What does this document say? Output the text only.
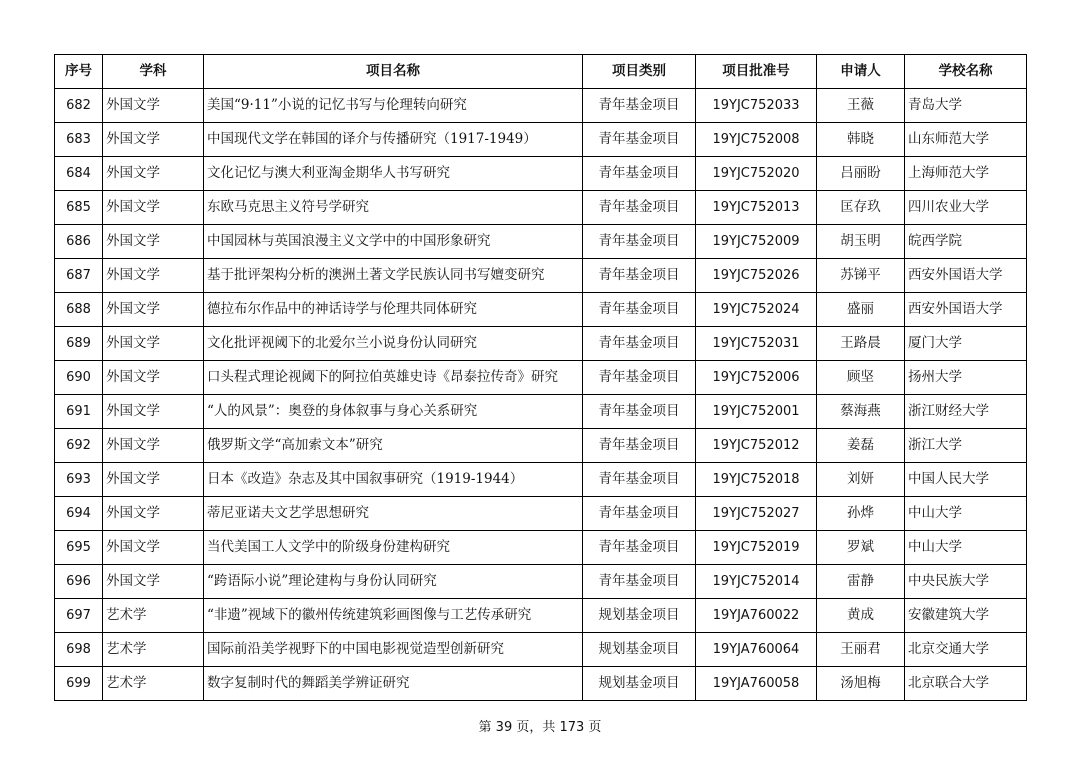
序号	学科	项目名称	项目类别	项目批准号	申请人	学校名称
682	外国文学	美国“9·11”小说的记忆书写与伦理转向研究	青年基金项目	19YJC752033	王薇	青岛大学
683	外国文学	中国现代文学在韩国的译介与传播研究（1917-1949）	青年基金项目	19YJC752008	韩晓	山东师范大学
684	外国文学	文化记忆与澳大利亚淘金期华人书写研究	青年基金项目	19YJC752020	吕丽盼	上海师范大学
685	外国文学	东欧马克思主义符号学研究	青年基金项目	19YJC752013	匡存玖	四川农业大学
686	外国文学	中国园林与英国浪漫主义文学中的中国形象研究	青年基金项目	19YJC752009	胡玉明	皖西学院
687	外国文学	基于批评架构分析的澳洲土著文学民族认同书写嬗变研究	青年基金项目	19YJC752026	苏锑平	西安外国语大学
688	外国文学	德拉布尔作品中的神话诗学与伦理共同体研究	青年基金项目	19YJC752024	盛丽	西安外国语大学
689	外国文学	文化批评视阈下的北爱尔兰小说身份认同研究	青年基金项目	19YJC752031	王路晨	厦门大学
690	外国文学	口头程式理论视阈下的阿拉伯英雄史诗《昂泰拉传奇》研究	青年基金项目	19YJC752006	顾坚	扬州大学
691	外国文学	“人的风景”：奥登的身体叙事与身心关系研究	青年基金项目	19YJC752001	蔡海燕	浙江财经大学
692	外国文学	俄罗斯文学“高加索文本”研究	青年基金项目	19YJC752012	姜磊	浙江大学
693	外国文学	日本《改造》杂志及其中国叙事研究（1919-1944）	青年基金项目	19YJC752018	刘妍	中国人民大学
694	外国文学	蒂尼亚诺夫文艺学思想研究	青年基金项目	19YJC752027	孙烨	中山大学
695	外国文学	当代美国工人文学中的阶级身份建构研究	青年基金项目	19YJC752019	罗斌	中山大学
696	外国文学	“跨语际小说”理论建构与身份认同研究	青年基金项目	19YJC752014	雷静	中央民族大学
697	艺术学	“非遗”视域下的徽州传统建筑彩画图像与工艺传承研究	规划基金项目	19YJA760022	黄成	安徽建筑大学
698	艺术学	国际前沿美学视野下的中国电影视觉造型创新研究	规划基金项目	19YJA760064	王丽君	北京交通大学
699	艺术学	数字复制时代的舞蹈美学辨证研究	规划基金项目	19YJA760058	汤旭梅	北京联合大学
第 39 页，共 173 页
